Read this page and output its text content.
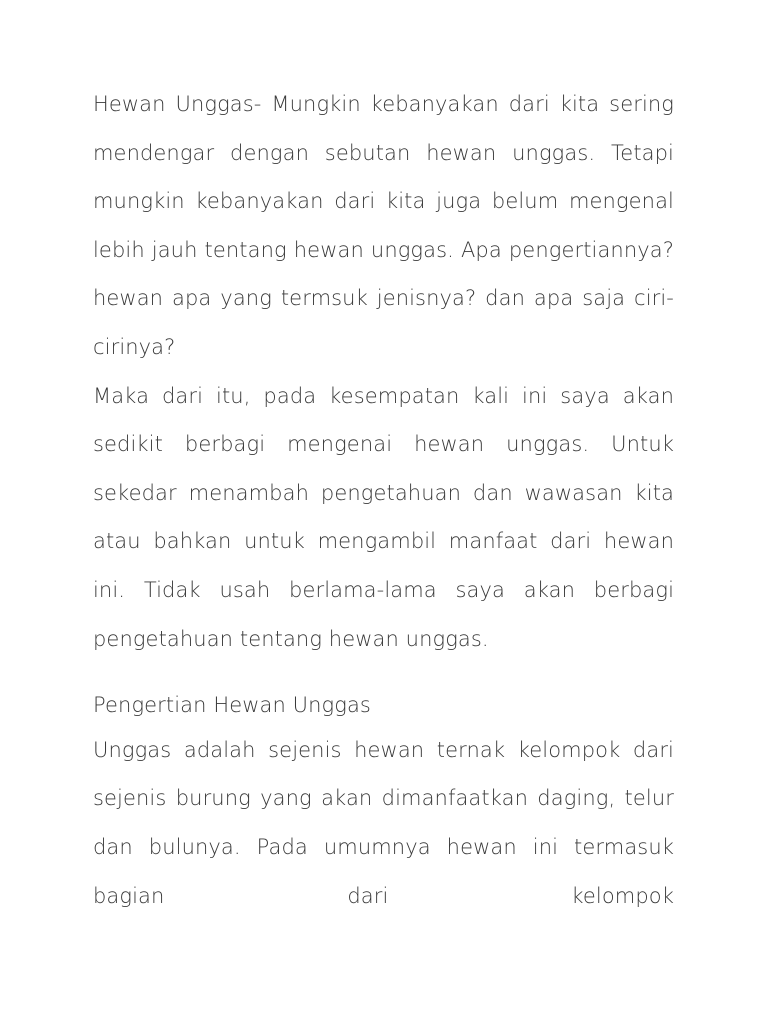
Hewan Unggas- Mungkin kebanyakan dari kita sering mendengar dengan sebutan hewan unggas. Tetapi mungkin kebanyakan dari kita juga belum mengenal lebih jauh tentang hewan unggas. Apa pengertiannya? hewan apa yang termsuk jenisnya? dan apa saja ciri-cirinya?

Maka dari itu, pada kesempatan kali ini saya akan sedikit berbagi mengenai hewan unggas. Untuk sekedar menambah pengetahuan dan wawasan kita atau bahkan untuk mengambil manfaat dari hewan ini. Tidak usah berlama-lama saya akan berbagi pengetahuan tentang hewan unggas.

Pengertian Hewan Unggas

Unggas adalah sejenis hewan ternak kelompok dari sejenis burung yang akan dimanfaatkan daging, telur dan bulunya. Pada umumnya hewan ini termasuk bagian dari kelompok
